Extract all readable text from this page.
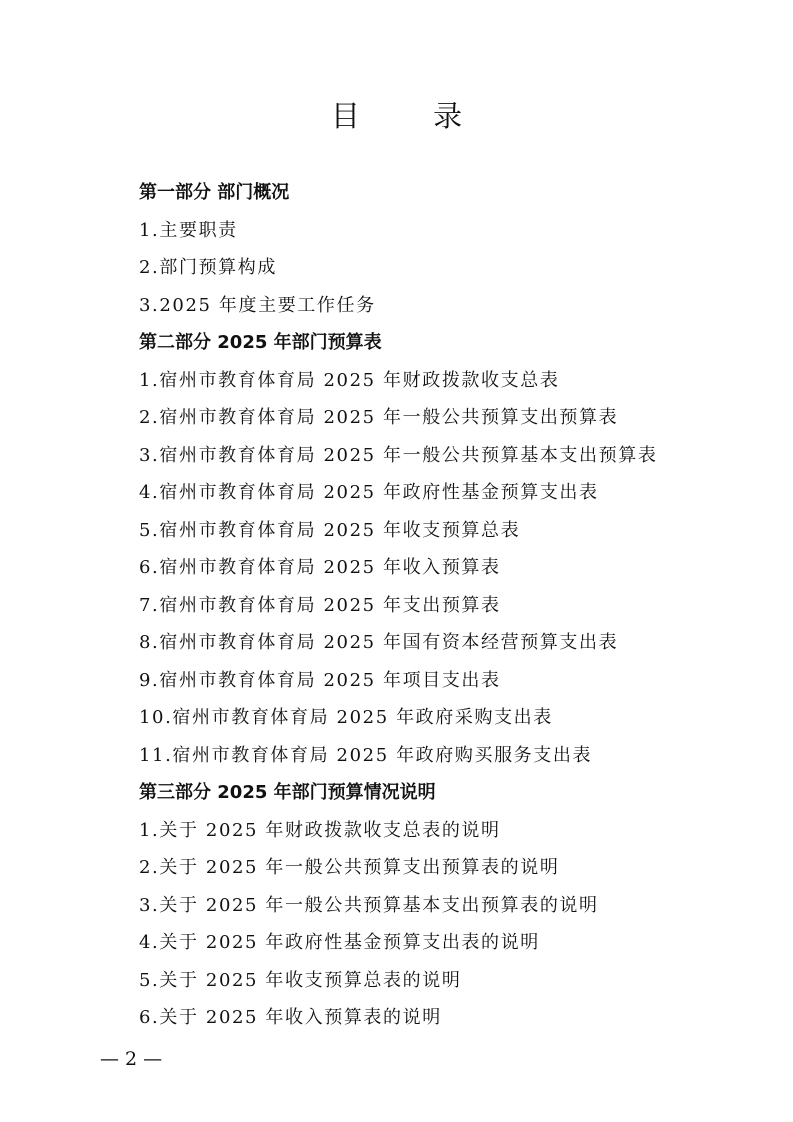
目 录
第一部分 部门概况
1.主要职责
2.部门预算构成
3.2025 年度主要工作任务
第二部分 2025 年部门预算表
1.宿州市教育体育局 2025 年财政拨款收支总表
2.宿州市教育体育局 2025 年一般公共预算支出预算表
3.宿州市教育体育局 2025 年一般公共预算基本支出预算表
4.宿州市教育体育局 2025 年政府性基金预算支出表
5.宿州市教育体育局 2025 年收支预算总表
6.宿州市教育体育局 2025 年收入预算表
7.宿州市教育体育局 2025 年支出预算表
8.宿州市教育体育局 2025 年国有资本经营预算支出表
9.宿州市教育体育局 2025 年项目支出表
10.宿州市教育体育局 2025 年政府采购支出表
11.宿州市教育体育局 2025 年政府购买服务支出表
第三部分 2025 年部门预算情况说明
1.关于 2025 年财政拨款收支总表的说明
2.关于 2025 年一般公共预算支出预算表的说明
3.关于 2025 年一般公共预算基本支出预算表的说明
4.关于 2025 年政府性基金预算支出表的说明
5.关于 2025 年收支预算总表的说明
6.关于 2025 年收入预算表的说明
— 2 —
